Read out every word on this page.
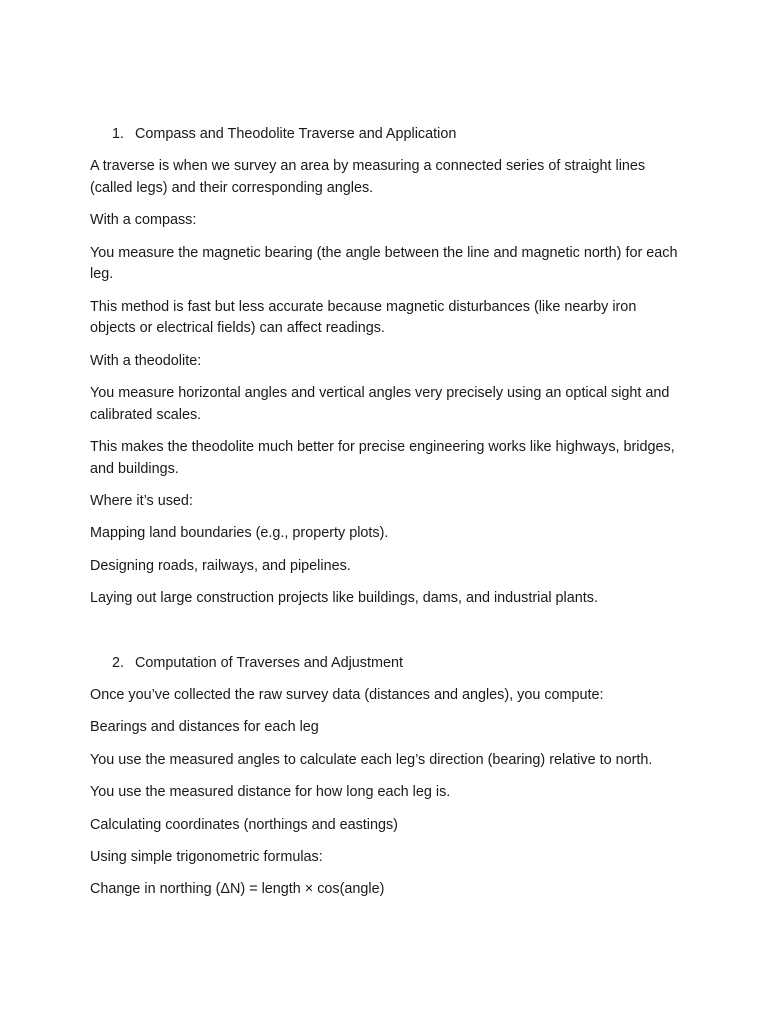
1. Compass and Theodolite Traverse and Application

A traverse is when we survey an area by measuring a connected series of straight lines (called legs) and their corresponding angles.

With a compass:

You measure the magnetic bearing (the angle between the line and magnetic north) for each leg.

This method is fast but less accurate because magnetic disturbances (like nearby iron objects or electrical fields) can affect readings.

With a theodolite:

You measure horizontal angles and vertical angles very precisely using an optical sight and calibrated scales.

This makes the theodolite much better for precise engineering works like highways, bridges, and buildings.

Where it’s used:

Mapping land boundaries (e.g., property plots).

Designing roads, railways, and pipelines.

Laying out large construction projects like buildings, dams, and industrial plants.

2. Computation of Traverses and Adjustment

Once you’ve collected the raw survey data (distances and angles), you compute:

Bearings and distances for each leg

You use the measured angles to calculate each leg’s direction (bearing) relative to north.

You use the measured distance for how long each leg is.

Calculating coordinates (northings and eastings)

Using simple trigonometric formulas:

Change in northing (ΔN) = length × cos(angle)
